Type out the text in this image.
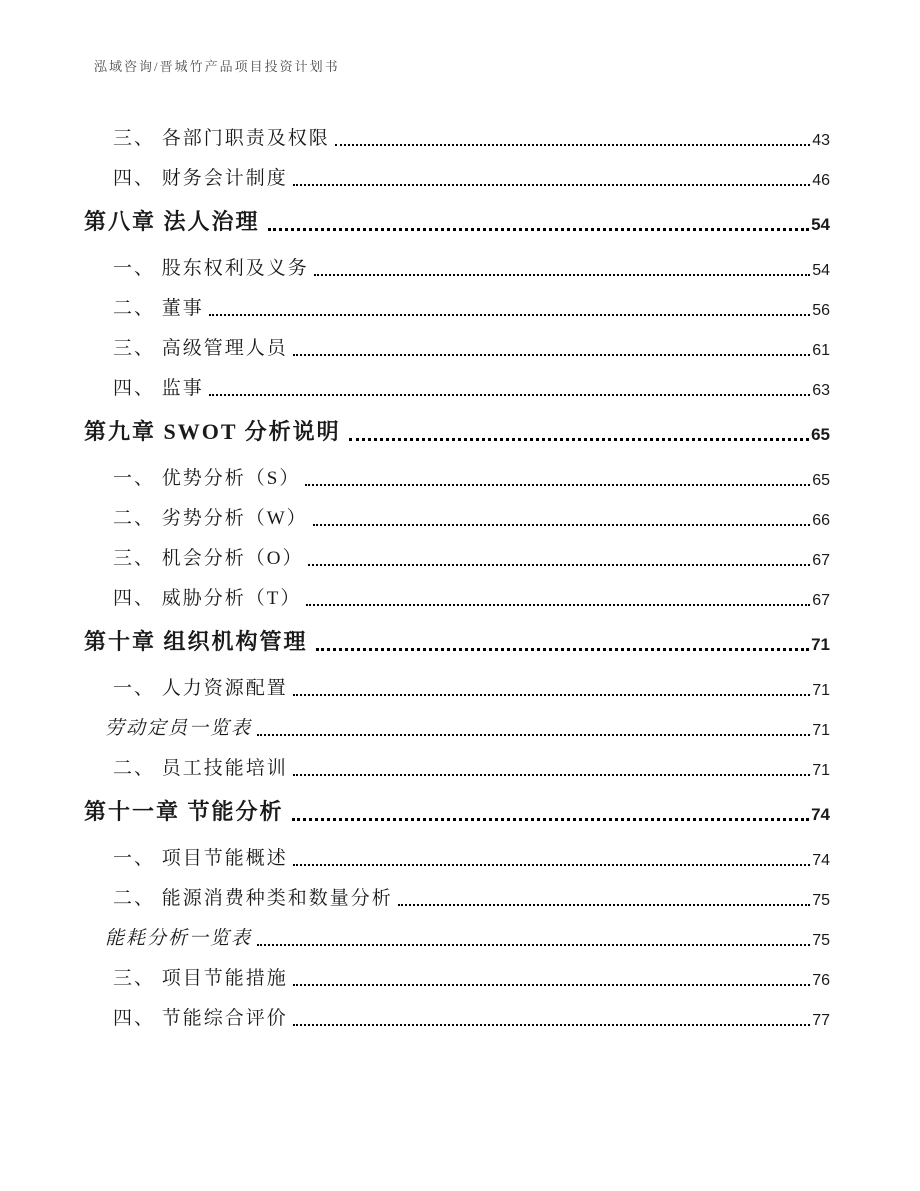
泓域咨询/晋城竹产品项目投资计划书
三、 各部门职责及权限	43
四、 财务会计制度	46
第八章 法人治理	54
一、 股东权利及义务	54
二、 董事	56
三、 高级管理人员	61
四、 监事	63
第九章 SWOT 分析说明	65
一、 优势分析（S）	65
二、 劣势分析（W）	66
三、 机会分析（O）	67
四、 威胁分析（T）	67
第十章 组织机构管理	71
一、 人力资源配置	71
劳动定员一览表	71
二、 员工技能培训	71
第十一章 节能分析	74
一、 项目节能概述	74
二、 能源消费种类和数量分析	75
能耗分析一览表	75
三、 项目节能措施	76
四、 节能综合评价	77
